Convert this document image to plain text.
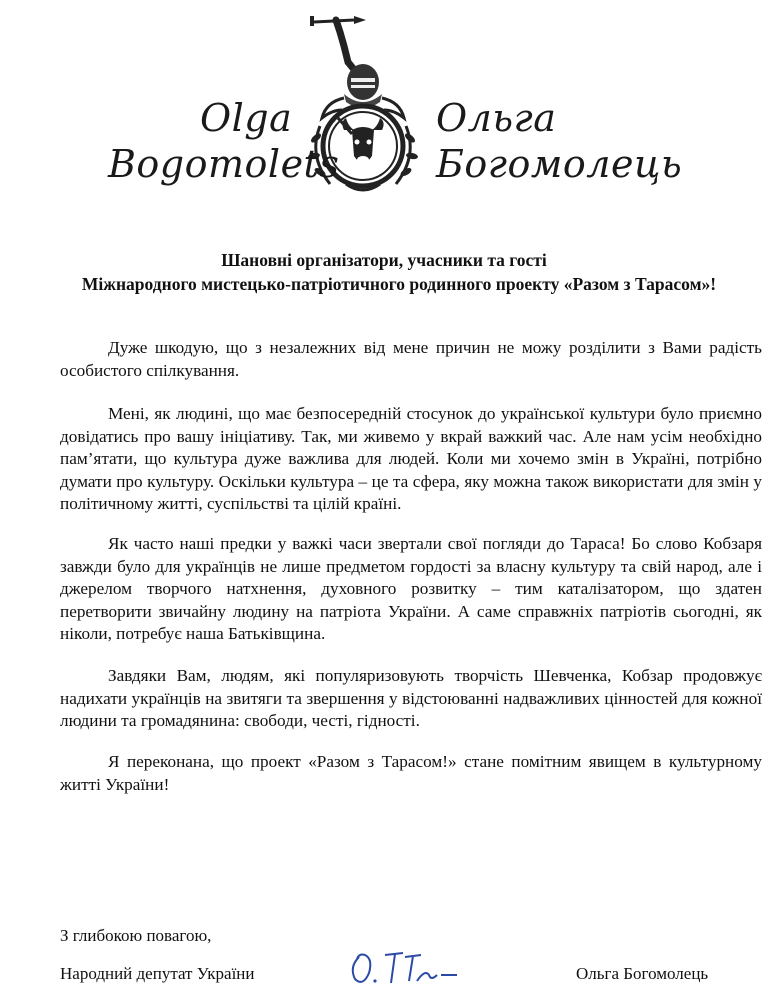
Olga
Bogomolets
Ольга
Богомолець
Шановні організатори, учасники та гості
Міжнародного мистецько-патріотичного родинного проекту «Разом з Тарасом»!

Дуже шкодую, що з незалежних від мене причин не можу розділити з Вами радість особистого спілкування.

Мені, як людині, що має безпосередній стосунок до української культури було приємно довідатись про вашу ініціативу. Так, ми живемо у вкрай важкий час. Але нам усім необхідно пам’ятати, що культура дуже важлива для людей. Коли ми хочемо змін в Україні, потрібно думати про культуру. Оскільки культура – це та сфера, яку можна також використати для змін у політичному житті, суспільстві та цілій країні.

Як часто наші предки у важкі часи звертали свої погляди до Тараса! Бо слово Кобзаря завжди було для українців не лише предметом гордості за власну культуру та свій народ, але і джерелом творчого натхнення, духовного розвитку – тим каталізатором, що здатен перетворити звичайну людину на патріота України. А саме справжніх патріотів сьогодні, як ніколи, потребує наша Батьківщина.

Завдяки Вам, людям, які популяризовують творчість Шевченка, Кобзар продовжує надихати українців на звитяги та звершення у відстоюванні надважливих цінностей для кожної людини та громадянина: свободи, честі, гідності.

Я переконана, що проект «Разом з Тарасом!» стане помітним явищем в культурному житті України!

З глибокою повагою,
Народний депутат України	Ольга Богомолець
